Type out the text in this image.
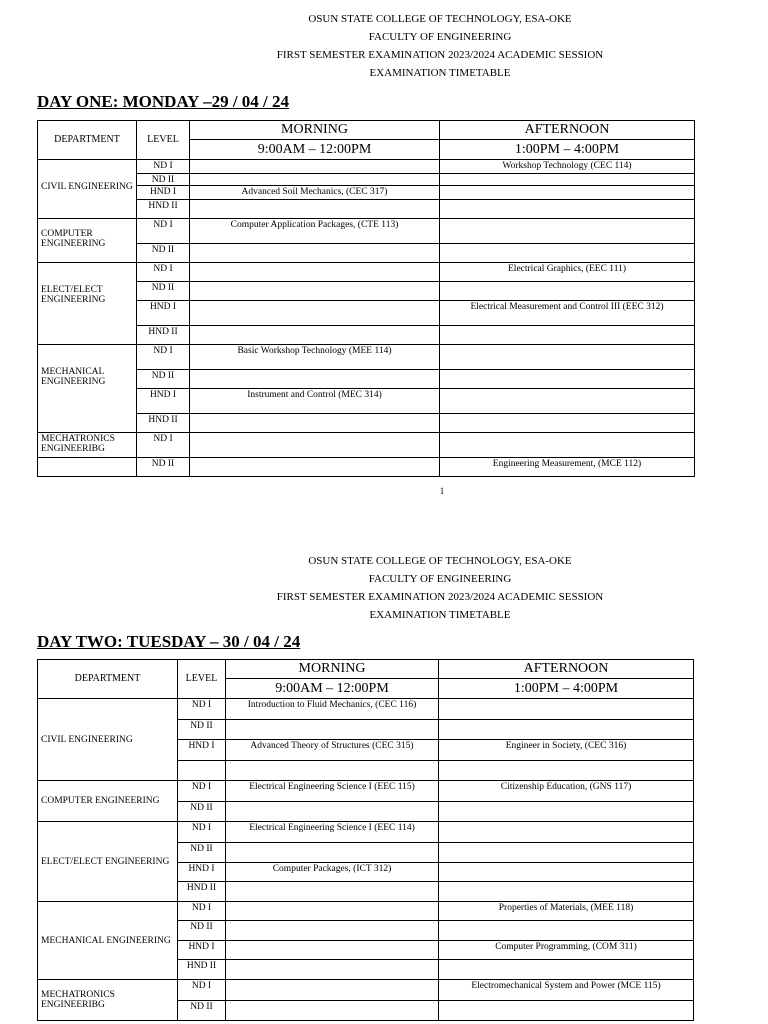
OSUN STATE COLLEGE OF TECHNOLOGY, ESA-OKE
FACULTY OF ENGINEERING
FIRST SEMESTER EXAMINATION 2023/2024 ACADEMIC SESSION
EXAMINATION TIMETABLE
DAY ONE: MONDAY –29 / 04 / 24
DEPARTMENT	LEVEL	MORNING	AFTERNOON
		9:00AM – 12:00PM	1:00PM – 4:00PM
CIVIL ENGINEERING	ND I		Workshop Technology (CEC 114)
	ND II		
	HND I	Advanced Soil Mechanics, (CEC 317)	
	HND II		
COMPUTER ENGINEERING	ND I	Computer Application Packages, (CTE 113)	
	ND II		
ELECT/ELECT ENGINEERING	ND I		Electrical Graphics, (EEC 111)
	ND II		
	HND I		Electrical Measurement and Control III (EEC 312)
	HND II		
MECHANICAL ENGINEERING	ND I	Basic Workshop Technology (MEE 114)	
	ND II		
	HND I	Instrument and Control (MEC 314)	
	HND II		
MECHATRONICS ENGINEERIBG	ND I		
	ND II		Engineering Measurement, (MCE 112)
1
OSUN STATE COLLEGE OF TECHNOLOGY, ESA-OKE
FACULTY OF ENGINEERING
FIRST SEMESTER EXAMINATION 2023/2024 ACADEMIC SESSION
EXAMINATION TIMETABLE
DAY TWO: TUESDAY – 30 / 04 / 24
DEPARTMENT	LEVEL	MORNING	AFTERNOON
		9:00AM – 12:00PM	1:00PM – 4:00PM
CIVIL ENGINEERING	ND I	Introduction to Fluid Mechanics, (CEC 116)	
	ND II		
	HND I	Advanced Theory of Structures (CEC 315)	Engineer in Society, (CEC 316)

COMPUTER ENGINEERING	ND I	Electrical Engineering Science I (EEC 115)	Citizenship Education, (GNS 117)
	ND II		
ELECT/ELECT ENGINEERING	ND I	Electrical Engineering Science I (EEC 114)	
	ND II		
	HND I	Computer Packages, (ICT 312)	
	HND II		
MECHANICAL ENGINEERING	ND I		Properties of Materials, (MEE 118)
	ND II		
	HND I		Computer Programming, (COM 311)
	HND II		
MECHATRONICS ENGINEERIBG	ND I		Electromechanical System and Power (MCE 115)
	ND II		
